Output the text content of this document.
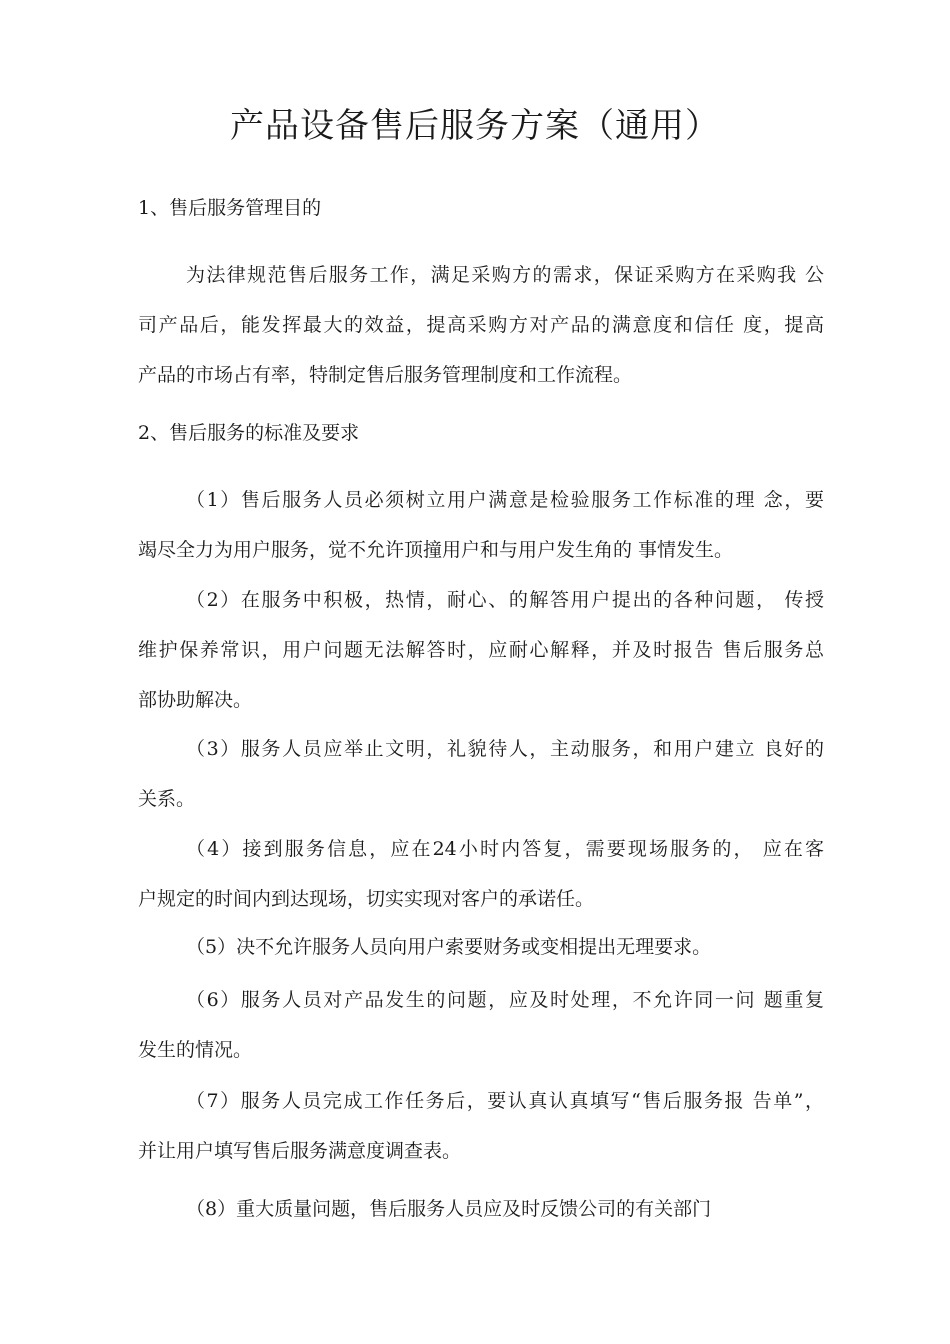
产品设备售后服务方案（通用）
1、售后服务管理目的

为法律规范售后服务工作，满足采购方的需求，保证采购方在采购我 公
司产品后，能发挥最大的效益，提高采购方对产品的满意度和信任 度，提高
产品的市场占有率，特制定售后服务管理制度和工作流程。

2、售后服务的标准及要求

（1）售后服务人员必须树立用户满意是检验服务工作标准的理 念，要
竭尽全力为用户服务，觉不允许顶撞用户和与用户发生角的 事情发生。

（2）在服务中积极，热情，耐心、的解答用户提出的各种问题， 传授
维护保养常识，用户问题无法解答时，应耐心解释，并及时报告 售后服务总
部协助解决。

（3）服务人员应举止文明，礼貌待人，主动服务，和用户建立 良好的
关系。

（4）接到服务信息，应在24小时内答复，需要现场服务的， 应在客
户规定的时间内到达现场，切实实现对客户的承诺任。

（5）决不允许服务人员向用户索要财务或变相提出无理要求。

（6）服务人员对产品发生的问题，应及时处理，不允许同一问 题重复
发生的情况。

（7）服务人员完成工作任务后，要认真认真填写“售后服务报 告单”，
并让用户填写售后服务满意度调查表。

（8）重大质量问题，售后服务人员应及时反馈公司的有关部门
